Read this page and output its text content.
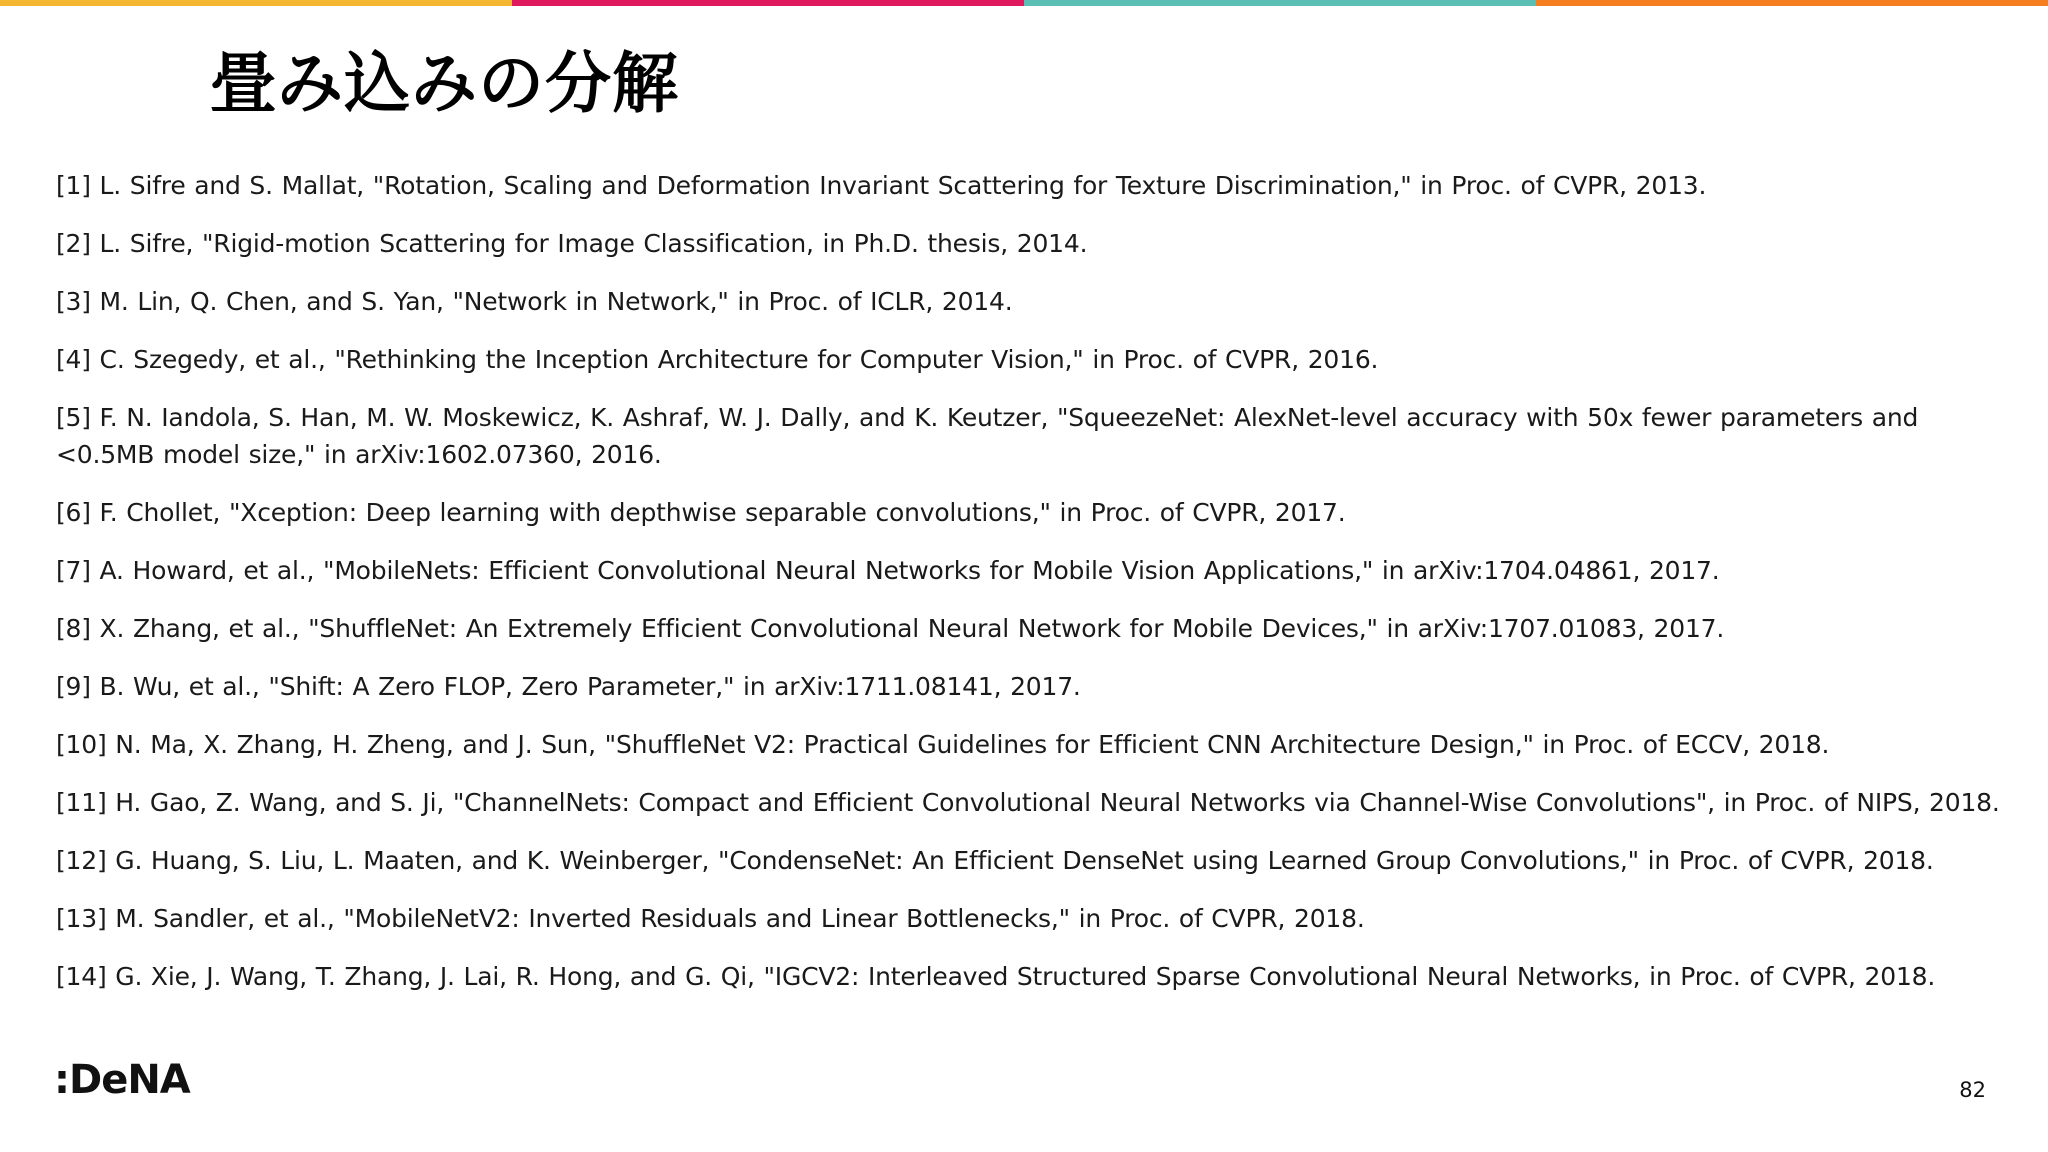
畳み込みの分解
[1] L. Sifre and S. Mallat, "Rotation, Scaling and Deformation Invariant Scattering for Texture Discrimination," in Proc. of CVPR, 2013.
[2] L. Sifre, "Rigid-motion Scattering for Image Classification, in Ph.D. thesis, 2014.
[3] M. Lin, Q. Chen, and S. Yan, "Network in Network," in Proc. of ICLR, 2014.
[4] C. Szegedy, et al., "Rethinking the Inception Architecture for Computer Vision," in Proc. of CVPR, 2016.
[5] F. N. Iandola, S. Han, M. W. Moskewicz, K. Ashraf, W. J. Dally, and K. Keutzer, "SqueezeNet: AlexNet-level accuracy with 50x fewer parameters and <0.5MB model size," in arXiv:1602.07360, 2016.
[6] F. Chollet, "Xception: Deep learning with depthwise separable convolutions," in Proc. of CVPR, 2017.
[7] A. Howard, et al., "MobileNets: Efficient Convolutional Neural Networks for Mobile Vision Applications," in arXiv:1704.04861, 2017.
[8] X. Zhang, et al., "ShuffleNet: An Extremely Efficient Convolutional Neural Network for Mobile Devices," in arXiv:1707.01083, 2017.
[9] B. Wu, et al., "Shift: A Zero FLOP, Zero Parameter," in arXiv:1711.08141, 2017.
[10] N. Ma, X. Zhang, H. Zheng, and J. Sun, "ShuffleNet V2: Practical Guidelines for Efficient CNN Architecture Design," in Proc. of ECCV, 2018.
[11] H. Gao, Z. Wang, and S. Ji, "ChannelNets: Compact and Efficient Convolutional Neural Networks via Channel-Wise Convolutions", in Proc. of NIPS, 2018.
[12] G. Huang, S. Liu, L. Maaten, and K. Weinberger, "CondenseNet: An Efficient DenseNet using Learned Group Convolutions," in Proc. of CVPR, 2018.
[13] M. Sandler, et al., "MobileNetV2: Inverted Residuals and Linear Bottlenecks," in Proc. of CVPR, 2018.
[14] G. Xie, J. Wang, T. Zhang, J. Lai, R. Hong, and G. Qi, "IGCV2: Interleaved Structured Sparse Convolutional Neural Networks, in Proc. of CVPR, 2018.
:DeNA	82
